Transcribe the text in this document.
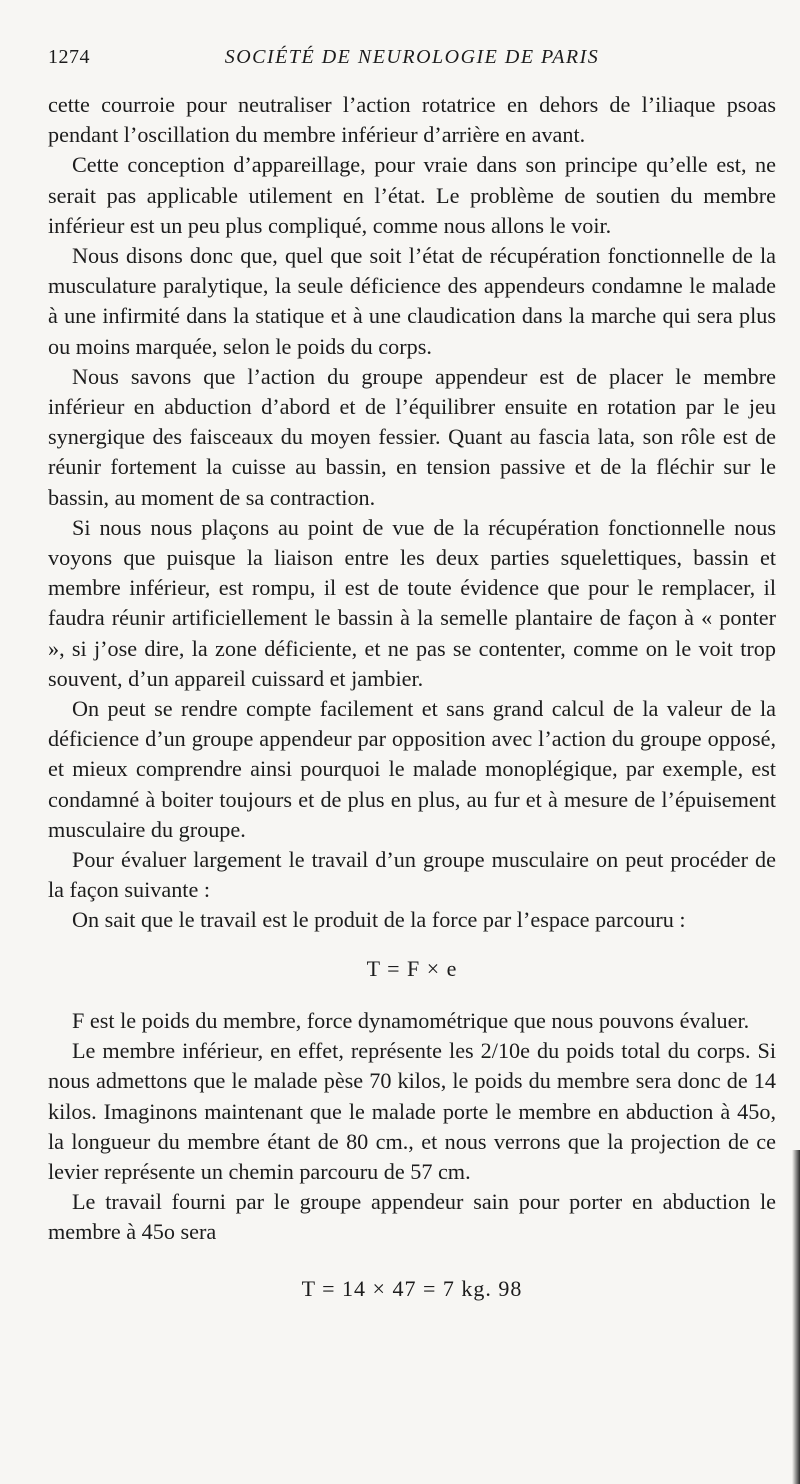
1274	SOCIÉTÉ DE NEUROLOGIE DE PARIS

cette courroie pour neutraliser l’action rotatrice en dehors de l’iliaque psoas pendant l’oscillation du membre inférieur d’arrière en avant.

Cette conception d’appareillage, pour vraie dans son principe qu’elle est, ne serait pas applicable utilement en l’état. Le problème de soutien du membre inférieur est un peu plus compliqué, comme nous allons le voir.

Nous disons donc que, quel que soit l’état de récupération fonctionnelle de la musculature paralytique, la seule déficience des appendeurs condamne le malade à une infirmité dans la statique et à une claudication dans la marche qui sera plus ou moins marquée, selon le poids du corps.

Nous savons que l’action du groupe appendeur est de placer le membre inférieur en abduction d’abord et de l’équilibrer ensuite en rotation par le jeu synergique des faisceaux du moyen fessier. Quant au fascia lata, son rôle est de réunir fortement la cuisse au bassin, en tension passive et de la fléchir sur le bassin, au moment de sa contraction.

Si nous nous plaçons au point de vue de la récupération fonctionnelle nous voyons que puisque la liaison entre les deux parties squelettiques, bassin et membre inférieur, est rompu, il est de toute évidence que pour le remplacer, il faudra réunir artificiellement le bassin à la semelle plantaire de façon à « ponter », si j’ose dire, la zone déficiente, et ne pas se contenter, comme on le voit trop souvent, d’un appareil cuissard et jambier.

On peut se rendre compte facilement et sans grand calcul de la valeur de la déficience d’un groupe appendeur par opposition avec l’action du groupe opposé, et mieux comprendre ainsi pourquoi le malade monoplégique, par exemple, est condamné à boiter toujours et de plus en plus, au fur et à mesure de l’épuisement musculaire du groupe.

Pour évaluer largement le travail d’un groupe musculaire on peut procéder de la façon suivante :

On sait que le travail est le produit de la force par l’espace parcouru :

T = F × e

F est le poids du membre, force dynamométrique que nous pouvons évaluer.

Le membre inférieur, en effet, représente les 2/10e du poids total du corps. Si nous admettons que le malade pèse 70 kilos, le poids du membre sera donc de 14 kilos. Imaginons maintenant que le malade porte le membre en abduction à 45o, la longueur du membre étant de 80 cm., et nous verrons que la projection de ce levier représente un chemin parcouru de 57 cm.

Le travail fourni par le groupe appendeur sain pour porter en abduction le membre à 45o sera

T = 14 × 47 = 7 kg. 98
